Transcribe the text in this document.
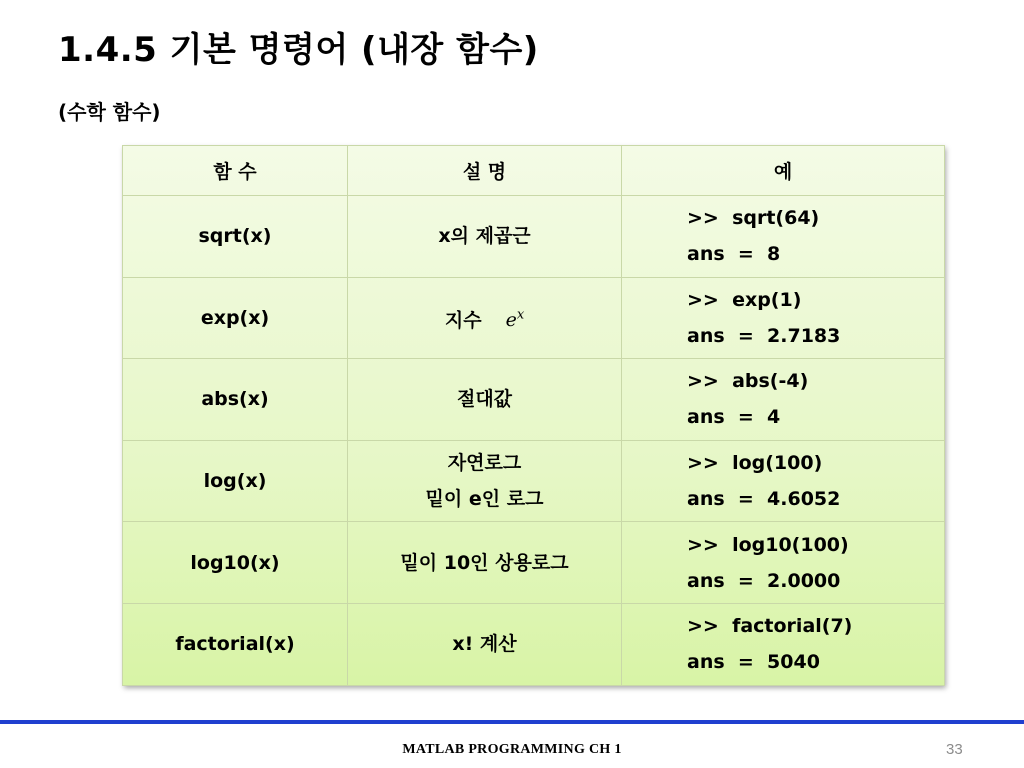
1.4.5 기본 명령어 (내장 함수)
(수학 함수)
함 수	설 명	예
sqrt(x)	x의 제곱근	>>  sqrt(64)
ans  =  8

exp(x)	지수 $e^x$	>>  exp(1)
ans  =  2.7183

abs(x)	절대값	>>  abs(-4)
ans  =  4

log(x)	자연로그
밑이 e인 로그	>>  log(100)
ans  =  4.6052

log10(x)	밑이 10인 상용로그	>>  log10(100)
ans  =  2.0000

factorial(x)	x! 계산	>>  factorial(7)
ans  =  5040
MATLAB PROGRAMMING CH 1	33
